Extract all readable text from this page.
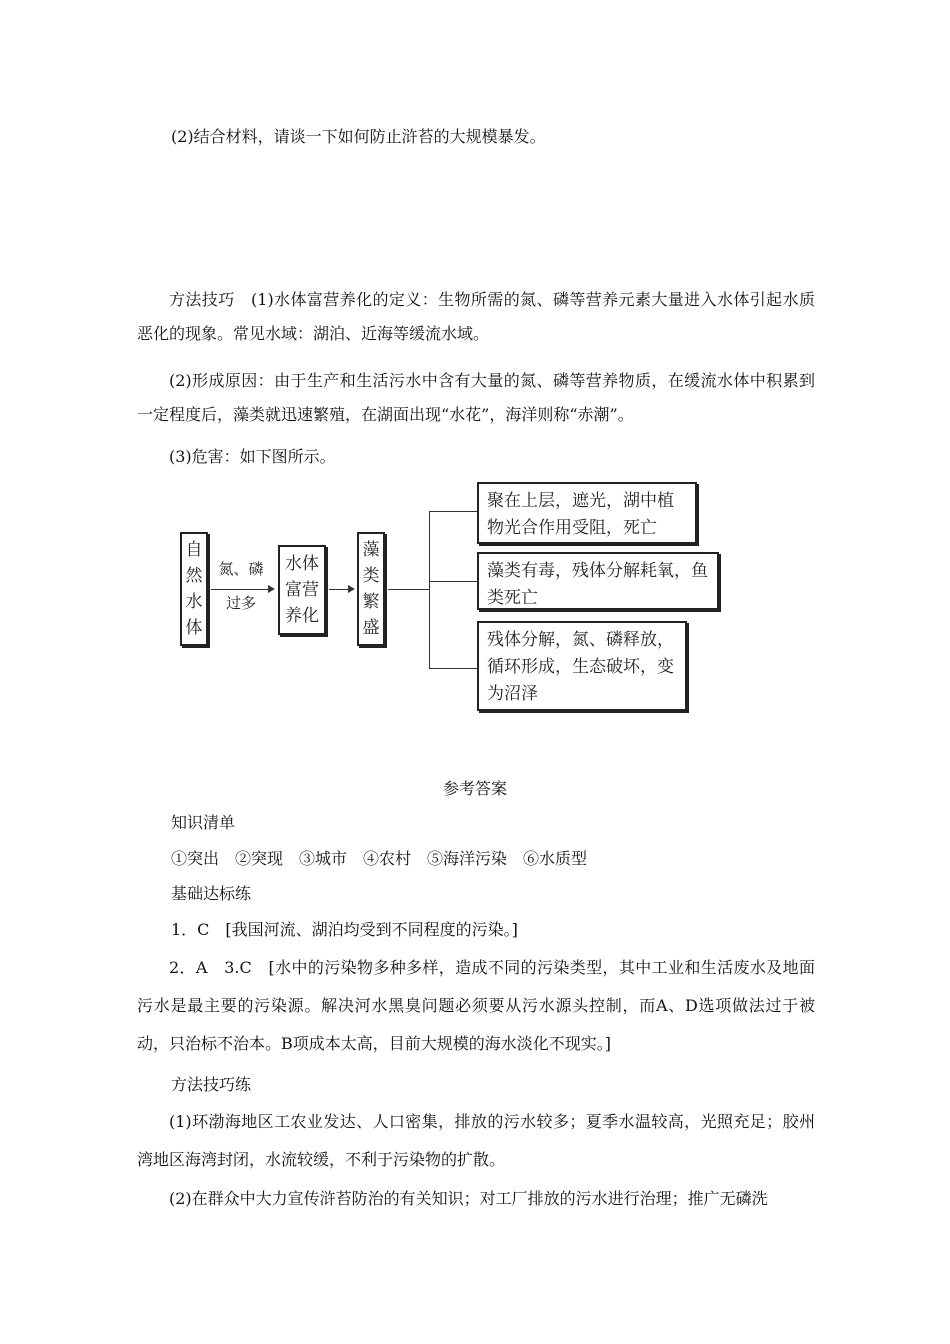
(2)结合材料，请谈一下如何防止浒苔的大规模暴发。
方法技巧　(1)水体富营养化的定义：生物所需的氮、磷等营养元素大量进入水体引起水质恶化的现象。常见水域：湖泊、近海等缓流水域。
(2)形成原因：由于生产和生活污水中含有大量的氮、磷等营养物质，在缓流水体中积累到一定程度后，藻类就迅速繁殖，在湖面出现“水花”，海洋则称“赤潮”。
(3)危害：如下图所示。
自
然
水
体
氮、磷
过多
水体
富营
养化
藻
类
繁
盛
聚在上层，遮光，湖中植物光合作用受阻，死亡
藻类有毒，残体分解耗氧，鱼类死亡
残体分解，氮、磷释放，循环形成，生态破坏，变为沼泽
参考答案
知识清单
①突出　②突现　③城市　④农村　⑤海洋污染　⑥水质型
基础达标练
1．C　[我国河流、湖泊均受到不同程度的污染。]
2．A　3.C　[水中的污染物多种多样，造成不同的污染类型，其中工业和生活废水及地面污水是最主要的污染源。解决河水黑臭问题必须要从污水源头控制，而A、D选项做法过于被动，只治标不治本。B项成本太高，目前大规模的海水淡化不现实。]
方法技巧练
(1)环渤海地区工农业发达、人口密集，排放的污水较多；夏季水温较高，光照充足；胶州湾地区海湾封闭，水流较缓，不利于污染物的扩散。
(2)在群众中大力宣传浒苔防治的有关知识；对工厂排放的污水进行治理；推广无磷洗
